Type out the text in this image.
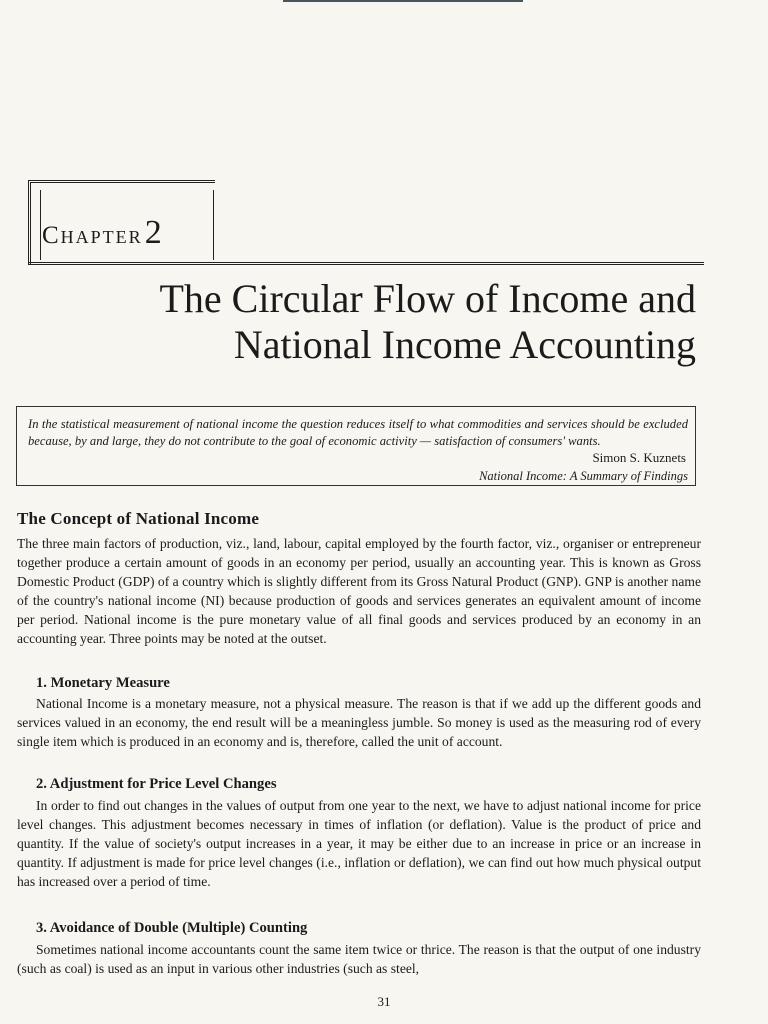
Chapter2
The Circular Flow of Income and
National Income Accounting

In the statistical measurement of national income the question reduces itself to what commodities and services should be excluded because, by and large, they do not contribute to the goal of economic activity — satisfaction of consumers' wants.

Simon S. Kuznets
National Income: A Summary of Findings
The Concept of National Income

The three main factors of production, viz., land, labour, capital employed by the fourth factor, viz., organiser or entrepreneur together produce a certain amount of goods in an economy per period, usually an accounting year. This is known as Gross Domestic Product (GDP) of a country which is slightly different from its Gross Natural Product (GNP). GNP is another name of the country's national income (NI) because production of goods and services generates an equivalent amount of income per period. National income is the pure monetary value of all final goods and services produced by an economy in an accounting year. Three points may be noted at the outset.

1. Monetary Measure

National Income is a monetary measure, not a physical measure. The reason is that if we add up the different goods and services valued in an economy, the end result will be a meaningless jumble. So money is used as the measuring rod of every single item which is produced in an economy and is, therefore, called the unit of account.

2. Adjustment for Price Level Changes

In order to find out changes in the values of output from one year to the next, we have to adjust national income for price level changes. This adjustment becomes necessary in times of inflation (or deflation). Value is the product of price and quantity. If the value of society's output increases in a year, it may be either due to an increase in price or an increase in quantity. If adjustment is made for price level changes (i.e., inflation or deflation), we can find out how much physical output has increased over a period of time.

3. Avoidance of Double (Multiple) Counting

Sometimes national income accountants count the same item twice or thrice. The reason is that the output of one industry (such as coal) is used as an input in various other industries (such as steel,

31
